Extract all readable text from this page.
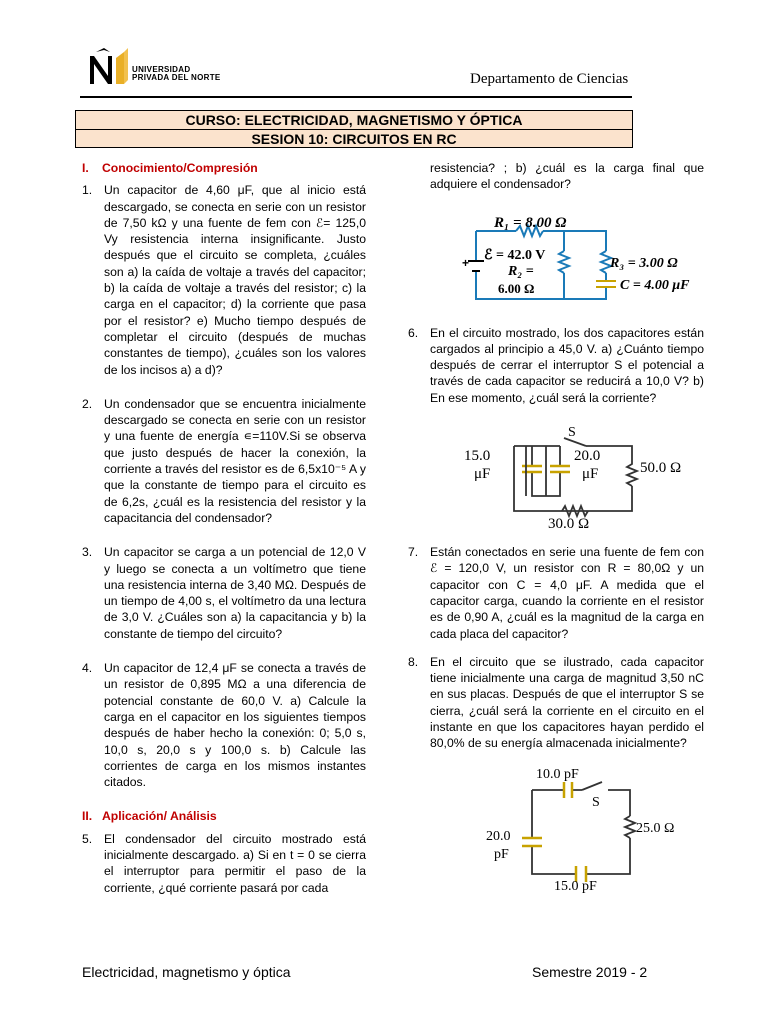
UNIVERSIDAD
PRIVADA DEL NORTE	Departamento de Ciencias
CURSO: ELECTRICIDAD, MAGNETISMO Y ÓPTICA
SESION 10: CIRCUITOS EN RC
I. Conocimiento/Compresión
1. Un capacitor de 4,60 μF, que al inicio está descargado, se conecta en serie con un resistor de 7,50 kΩ y una fuente de fem con ℰ= 125,0 Vy resistencia interna insignificante. Justo después que el circuito se completa, ¿cuáles son a) la caída de voltaje a través del capacitor; b) la caída de voltaje a través del resistor; c) la carga en el capacitor; d) la corriente que pasa por el resistor? e) Mucho tiempo después de completar el circuito (después de muchas constantes de tiempo), ¿cuáles son los valores de los incisos a) a d)?

2. Un condensador que se encuentra inicialmente descargado se conecta en serie con un resistor y una fuente de energía ∊=110V.Si se observa que justo después de hacer la conexión, la corriente a través del resistor es de 6,5x10⁻⁵ A y que la constante de tiempo para el circuito es de 6,2s, ¿cuál es la resistencia del resistor y la capacitancia del condensador?

3. Un capacitor se carga a un potencial de 12,0 V y luego se conecta a un voltímetro que tiene una resistencia interna de 3,40 MΩ. Después de un tiempo de 4,00 s, el voltímetro da una lectura de 3,0 V. ¿Cuáles son a) la capacitancia y b) la constante de tiempo del circuito?

4. Un capacitor de 12,4 μF se conecta a través de un resistor de 0,895 MΩ a una diferencia de potencial constante de 60,0 V. a) Calcule la carga en el capacitor en los siguientes tiempos después de haber hecho la conexión: 0; 5,0 s, 10,0 s, 20,0 s y 100,0 s. b) Calcule las corrientes de carga en los mismos instantes citados.

II. Aplicación/ Análisis
5. El condensador del circuito mostrado está inicialmente descargado. a) Si en t = 0 se cierra el interruptor para permitir el paso de la corriente, ¿qué corriente pasará por cada

resistencia? ; b) ¿cuál es la carga final que adquiere el condensador?

R₁ = 8.00 Ω
ℰ = 42.0 V
R₂ =
6.00 Ω
R₃ = 3.00 Ω
C = 4.00 μF
+
6. En el circuito mostrado, los dos capacitores están cargados al principio a 45,0 V. a) ¿Cuánto tiempo después de cerrar el interruptor S el potencial a través de cada capacitor se reducirá a 10,0 V? b) En ese momento, ¿cuál será la corriente?

15.0
μF
20.0
μF
S
50.0 Ω
30.0 Ω
7. Están conectados en serie una fuente de fem con ℰ = 120,0 V, un resistor con R = 80,0Ω y un capacitor con C = 4,0 μF. A medida que el capacitor carga, cuando la corriente en el resistor es de 0,90 A, ¿cuál es la magnitud de la carga en cada placa del capacitor?

8. En el circuito que se ilustrado, cada capacitor tiene inicialmente una carga de magnitud 3,50 nC en sus placas. Después de que el interruptor S se cierra, ¿cuál será la corriente en el circuito en el instante en que los capacitores hayan perdido el 80,0% de su energía almacenada inicialmente?

10.0 pF
S
20.0
pF
25.0 Ω
15.0 pF
Electricidad, magnetismo y óptica	Semestre 2019 - 2
